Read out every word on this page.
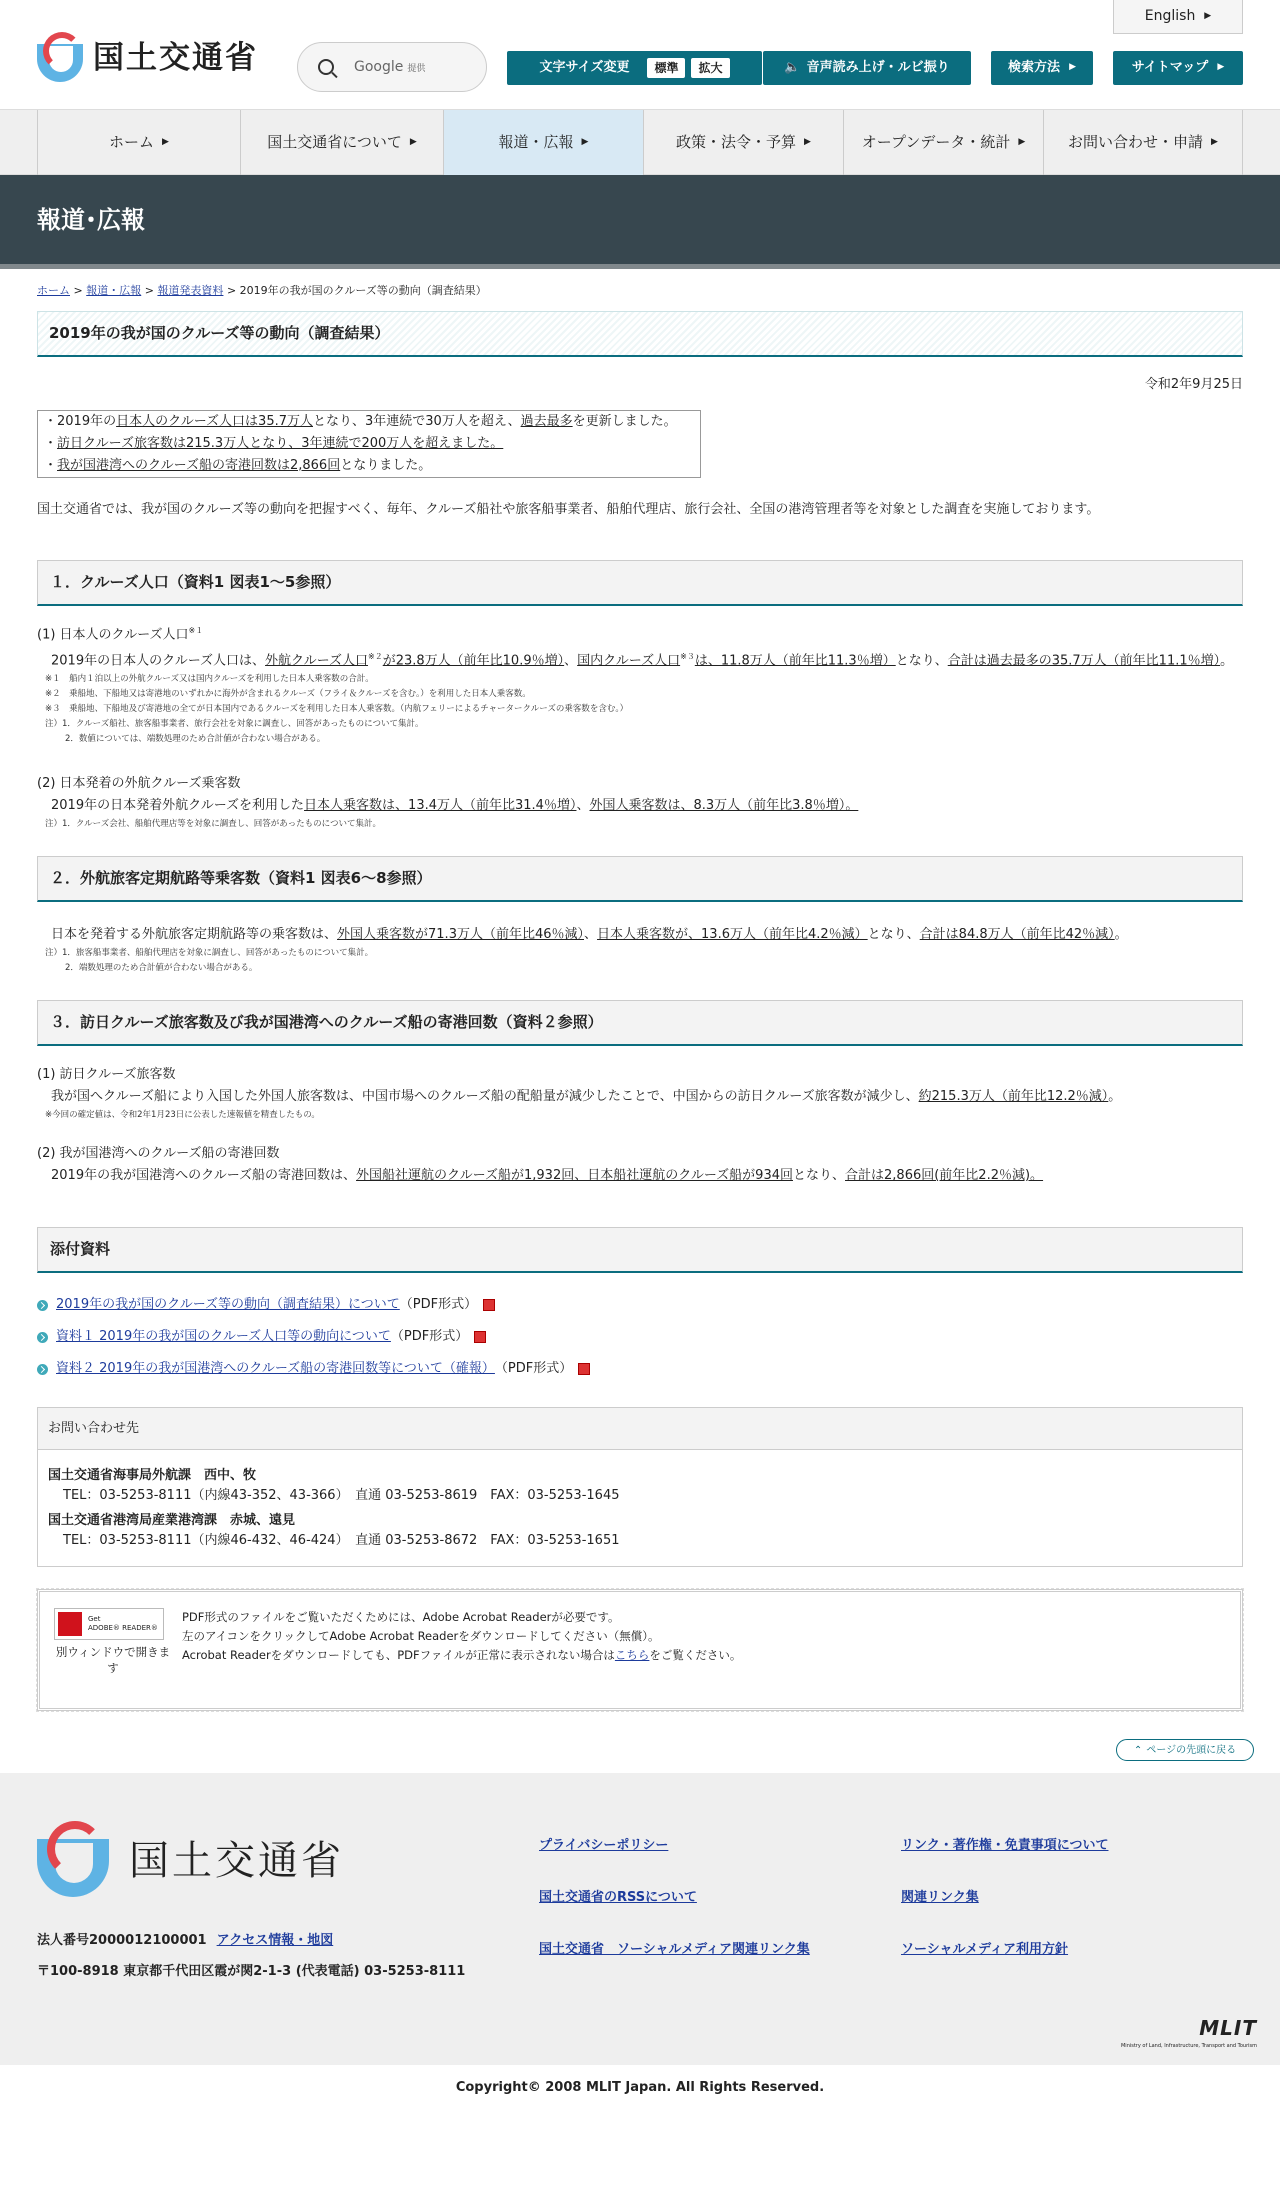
国土交通省	Google 提供
English
▶
文字サイズ変更	標準	拡大	🔈 音声読み上げ・ルビ振り	検索方法
▶	サイトマップ
▶
ホーム ▶	国土交通省について ▶	報道・広報 ▶	政策・法令・予算 ▶	オープンデータ・統計 ▶	お問い合わせ・申請 ▶
報道･広報
ホーム > 報道・広報 > 報道発表資料 > 2019年の我が国のクルーズ等の動向（調査結果）
2019年の我が国のクルーズ等の動向（調査結果）
令和2年9月25日
・2019年の日本人のクルーズ人口は35.7万人となり、3年連続で30万人を超え、過去最多を更新しました。
・訪日クルーズ旅客数は215.3万人となり、3年連続で200万人を超えました。
・我が国港湾へのクルーズ船の寄港回数は2,866回となりました。
国土交通省では、我が国のクルーズ等の動向を把握すべく、毎年、クルーズ船社や旅客船事業者、船舶代理店、旅行会社、全国の港湾管理者等を対象とした調査を実施しております。
１．クルーズ人口（資料1 図表1～5参照）
(1) 日本人のクルーズ人口$^{※1}$
2019年の日本人のクルーズ人口は、外航クルーズ人口$^{※2}$が23.8万人（前年比10.9％増）、国内クルーズ人口$^{※3}$は、11.8万人（前年比11.3％増）となり、合計は過去最多の35.7万人（前年比11.1％増）。
※１　船内１泊以上の外航クルーズ又は国内クルーズを利用した日本人乗客数の合計。
※２　乗船地、下船地又は寄港地のいずれかに海外が含まれるクルーズ（フライ＆クルーズを含む。）を利用した日本人乗客数。
※３　乗船地、下船地及び寄港地の全てが日本国内であるクルーズを利用した日本人乗客数。（内航フェリーによるチャータークルーズの乗客数を含む。）
注）1．クルーズ船社、旅客船事業者、旅行会社を対象に調査し、回答があったものについて集計。
2．数値については、端数処理のため合計値が合わない場合がある。
(2) 日本発着の外航クルーズ乗客数
2019年の日本発着外航クルーズを利用した日本人乗客数は、13.4万人（前年比31.4％増）、外国人乗客数は、8.3万人（前年比3.8％増）。
注）1．クルーズ会社、船舶代理店等を対象に調査し、回答があったものについて集計。
２．外航旅客定期航路等乗客数（資料1 図表6～8参照）
日本を発着する外航旅客定期航路等の乗客数は、外国人乗客数が71.3万人（前年比46％減）、日本人乗客数が、13.6万人（前年比4.2％減）となり、合計は84.8万人（前年比42％減）。
注）1．旅客船事業者、船舶代理店を対象に調査し、回答があったものについて集計。
2．端数処理のため合計値が合わない場合がある。
３．訪日クルーズ旅客数及び我が国港湾へのクルーズ船の寄港回数（資料２参照）
(1) 訪日クルーズ旅客数
我が国へクルーズ船により入国した外国人旅客数は、中国市場へのクルーズ船の配船量が減少したことで、中国からの訪日クルーズ旅客数が減少し、約215.3万人（前年比12.2％減）。
※今回の確定値は、令和2年1月23日に公表した速報値を精査したもの。
(2) 我が国港湾へのクルーズ船の寄港回数
2019年の我が国港湾へのクルーズ船の寄港回数は、外国船社運航のクルーズ船が1,932回、日本船社運航のクルーズ船が934回となり、合計は2,866回(前年比2.2％減)。
添付資料
2019年の我が国のクルーズ等の動向（調査結果）について （PDF形式）
資料１ 2019年の我が国のクルーズ人口等の動向について （PDF形式）
資料２ 2019年の我が国港湾へのクルーズ船の寄港回数等について（確報） （PDF形式）
お問い合わせ先
国土交通省海事局外航課　西中、牧
TEL：03-5253-8111（内線43-352、43-366）　直通 03-5253-8619　FAX：03-5253-1645
国土交通省港湾局産業港湾課　赤城、遠見
TEL：03-5253-8111（内線46-432、46-424）　直通 03-5253-8672　FAX：03-5253-1651
Get
ADOBE® READER®
別ウィンドウで開きます
PDF形式のファイルをご覧いただくためには、Adobe Acrobat Readerが必要です。
左のアイコンをクリックしてAdobe Acrobat Readerをダウンロードしてください（無償）。
Acrobat Readerをダウンロードしても、PDFファイルが正常に表示されない場合はこちらをご覧ください。
⌃ ページの先頭に戻る
国土交通省
法人番号2000012100001 アクセス情報・地図
〒100-8918 東京都千代田区霞が関2-1-3 (代表電話) 03-5253-8111
プライバシーポリシー	リンク・著作権・免責事項について
国土交通省のRSSについて	関連リンク集
国土交通省　ソーシャルメディア関連リンク集	ソーシャルメディア利用方針
MLIT
Ministry of Land, Infrastructure, Transport and Tourism
Copyright© 2008 MLIT Japan. All Rights Reserved.
